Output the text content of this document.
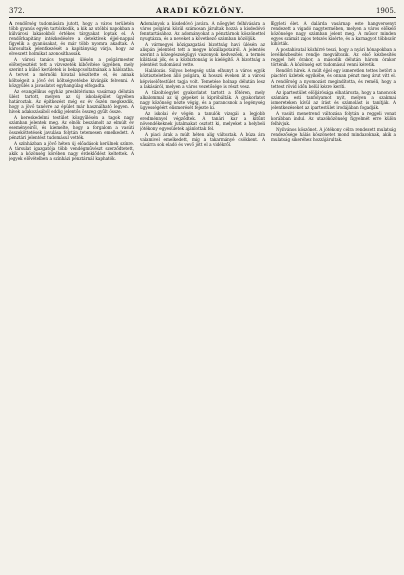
372.	ARADI KÖZLÖNY.	1905.

A rendőrség tudomására jutott, hogy a város területén több gyanús egyén tartózkodik, a kik az utóbbi napokban a külvárosi lakásokból értékes tárgyakat loptak el. A rendőrkapitány intézkedésére a detektívek éjjel-nappal figyelik a gyanúsakat, és már több nyomra akadtak. A károsultak jelentkezését a kapitányság várja, hogy az elveszett holmikat azonosíthassák.

A városi tanács tegnapi ülésén a polgármester előterjesztést tett a vízvezeték kibővítése ügyében, mely szerint a külső kerületek is bekapcsoltatnának a hálózatba. A tervet a mérnöki hivatal készítette el, és annak költségeit a jövő évi költségvetésbe kívánják felvenni. A közgyűlés a javaslatot egyhangúlag elfogadta.

Az evangélikus egyház presbitériuma vasárnap délután ülést tartott, melyen az új iskolaépület ügyében határoztak. Az építkezést még ez év őszén megkezdik, hogy a jövő tanévre az épület már használható legyen. A hívek adakozásából eddig jelentős összeg gyűlt össze.

A kereskedelmi testület közgyűlésén a tagok nagy számban jelentek meg. Az elnök beszámolt az elmúlt év eseményeiről, és kiemelte, hogy a forgalom a vasúti összeköttetések javulása folytán tetemesen emelkedett. A pénztári jelentést tudomásul vették.

A színházban a jövő héten új előadások kerülnek színre. A társulat igazgatója több vendégművészt szerződtetett, akik a közönség körében nagy érdeklődést keltettek. A jegyek elővételben a színházi pénztárnál kaphatók.

Adományok a kisdedóvó javára. A nőegylet felhívására a város polgárai közül számosan járultak hozzá a kisdedóvó fenntartásához. Az adományokat a pénztárnok köszönettel nyugtázza, és a neveket a következő számban közöljük.

A vármegyei közigazgatási bizottság havi ülésén az alispán jelentést tett a megye közállapotairól. A jelentés szerint a közegészségügyi viszonyok kedvezőek, a termés kilátásai jók, és a közbiztonság is kielégítő. A bizottság a jelentést tudomásul vette.

Halálozás. Súlyos betegség után elhunyt a város egyik köztiszteletben álló polgára, ki hosszú éveken át a városi képviselőtestület tagja volt. Temetése holnap délután lesz a lakásáról, melyen a város vezetősége is részt vesz.

A tűzoltóegylet gyakorlatot tartott a főtéren, mely alkalommal az új gépeket is kipróbálták. A gyakorlatot nagy közönség nézte végig, és a parancsnok a legénység ügyességéért elismerését fejezte ki.

Az iskolai év végén a tanulók vizsgái a legjobb eredménnyel végződtek. A tanári kar a kitűnt növendékeknek jutalmakat osztott ki, melyeket a helybeli jótékony egyesületek ajánlottak fel.

A piaci árak a múlt héten alig változtak. A búza ára valamivel emelkedett, míg a takarmányé csökkent. A vásárra sok eladó és vevő jött el a vidékről.

Egyleti élet. A dalárda vasárnap este hangversenyt rendezett a vigadó nagytermében, melyen a város előkelő közönsége nagy számban jelent meg. A műsor minden egyes számát zajos tetszés kísérte, és a karnagyot többször kihívták.

A postahivatal közhírré teszi, hogy a nyári hónapokban a levélkézbesítés rendje megváltozik. Az első kézbesítés reggel hét órakor, a második délután három órakor történik. A közönség ezt tudomásul venni kéretik.

Rendőri hírek. A múlt éjjel egy ismeretlen tettes betört a piactéri üzletek egyikébe, és onnan pénzt meg árut vitt el. A rendőrség a nyomozást megindította, és reméli, hogy a tettest rövid időn belül kézre keríti.

Az ipartestület elöljárósága elhatározta, hogy a tanoncok számára esti tanfolyamot nyit, melyen a szakmai ismereteken kívül az írást és számolást is tanítják. A jelentkezéseket az ipartestület irodájában fogadják.

A vasúti menetrend változása folytán a reggeli vonat korábban indul. Az utazóközönség figyelmét erre külön felhívjuk.

Nyilvános köszönet. A jótékony célra rendezett mulatság rendezősége hálás köszönetet mond mindazoknak, akik a mulatság sikeréhez hozzájárultak.
